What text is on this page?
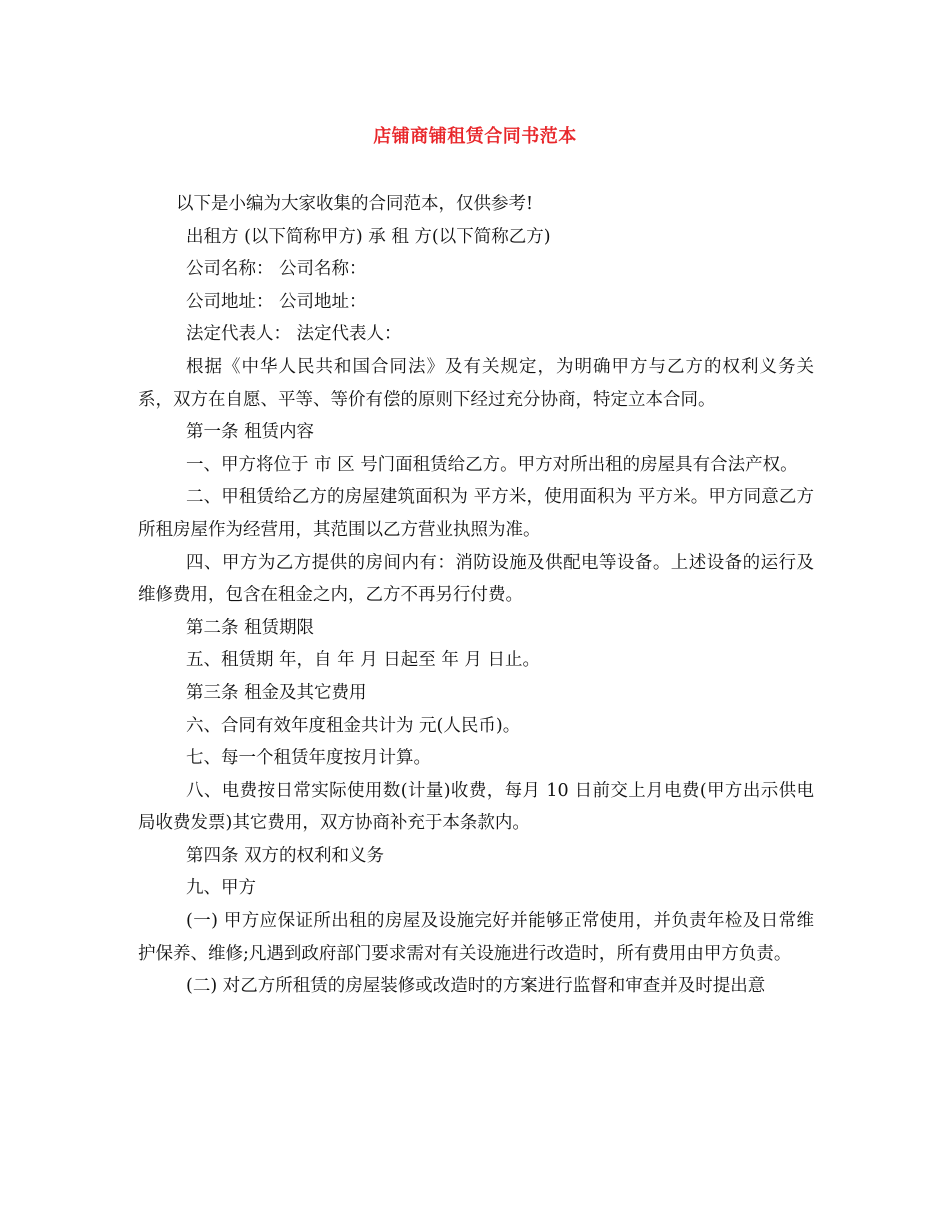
店铺商铺租赁合同书范本

以下是小编为大家收集的合同范本，仅供参考!

出租方 (以下简称甲方) 承 租 方(以下简称乙方)

公司名称： 公司名称：

公司地址： 公司地址：

法定代表人： 法定代表人：

根据《中华人民共和国合同法》及有关规定，为明确甲方与乙方的权利义务关系，双方在自愿、平等、等价有偿的原则下经过充分协商，特定立本合同。

第一条 租赁内容

一、甲方将位于 市 区 号门面租赁给乙方。甲方对所出租的房屋具有合法产权。

二、甲租赁给乙方的房屋建筑面积为 平方米，使用面积为 平方米。甲方同意乙方所租房屋作为经营用，其范围以乙方营业执照为准。

四、甲方为乙方提供的房间内有：消防设施及供配电等设备。上述设备的运行及维修费用，包含在租金之内，乙方不再另行付费。

第二条 租赁期限

五、租赁期 年，自 年 月 日起至 年 月 日止。

第三条 租金及其它费用

六、合同有效年度租金共计为 元(人民币)。

七、每一个租赁年度按月计算。

八、电费按日常实际使用数(计量)收费，每月 10 日前交上月电费(甲方出示供电局收费发票)其它费用，双方协商补充于本条款内。

第四条 双方的权利和义务

九、甲方

(一) 甲方应保证所出租的房屋及设施完好并能够正常使用，并负责年检及日常维护保养、维修;凡遇到政府部门要求需对有关设施进行改造时，所有费用由甲方负责。

(二) 对乙方所租赁的房屋装修或改造时的方案进行监督和审查并及时提出意
